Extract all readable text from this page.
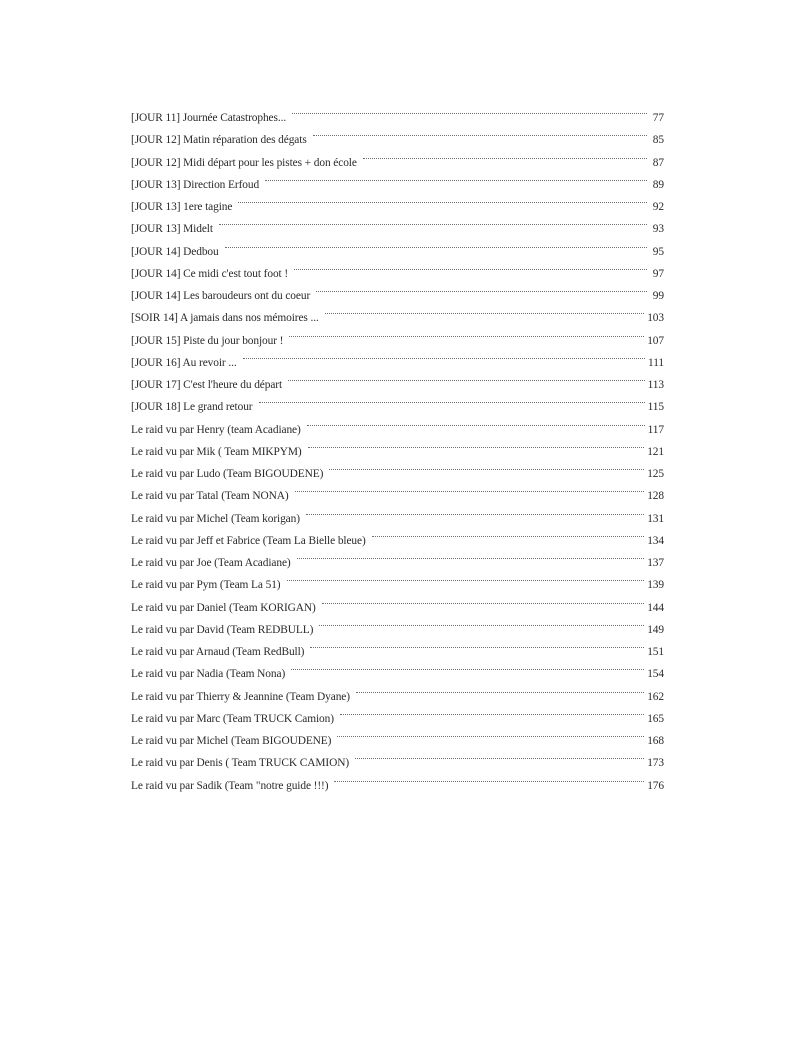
[JOUR 11] Journée Catastrophes...	77
[JOUR 12] Matin réparation des dégats	85
[JOUR 12] Midi départ pour les pistes + don école	87
[JOUR 13] Direction Erfoud	89
[JOUR 13] 1ere tagine	92
[JOUR 13] Midelt	93
[JOUR 14] Dedbou	95
[JOUR 14] Ce midi c'est tout foot !	97
[JOUR 14] Les baroudeurs ont du coeur	99
[SOIR 14] A jamais dans nos mémoires ...	103
[JOUR 15] Piste du jour bonjour !	107
[JOUR 16] Au revoir ...	111
[JOUR 17] C'est l'heure du départ	113
[JOUR 18] Le grand retour	115
Le raid vu par Henry (team Acadiane)	117
Le raid vu par Mik ( Team MIKPYM)	121
Le raid vu par Ludo (Team BIGOUDENE)	125
Le raid vu par Tatal (Team NONA)	128
Le raid vu par Michel (Team korigan)	131
Le raid vu par Jeff et Fabrice (Team La Bielle bleue)	134
Le raid vu par Joe (Team Acadiane)	137
Le raid vu par Pym (Team La 51)	139
Le raid vu par Daniel (Team KORIGAN)	144
Le raid vu par David (Team REDBULL)	149
Le raid vu par Arnaud (Team RedBull)	151
Le raid vu par Nadia (Team Nona)	154
Le raid vu par Thierry & Jeannine (Team Dyane)	162
Le raid vu par Marc (Team TRUCK Camion)	165
Le raid vu par Michel (Team BIGOUDENE)	168
Le raid vu par Denis ( Team TRUCK CAMION)	173
Le raid vu par Sadik (Team "notre guide !!!)	176
